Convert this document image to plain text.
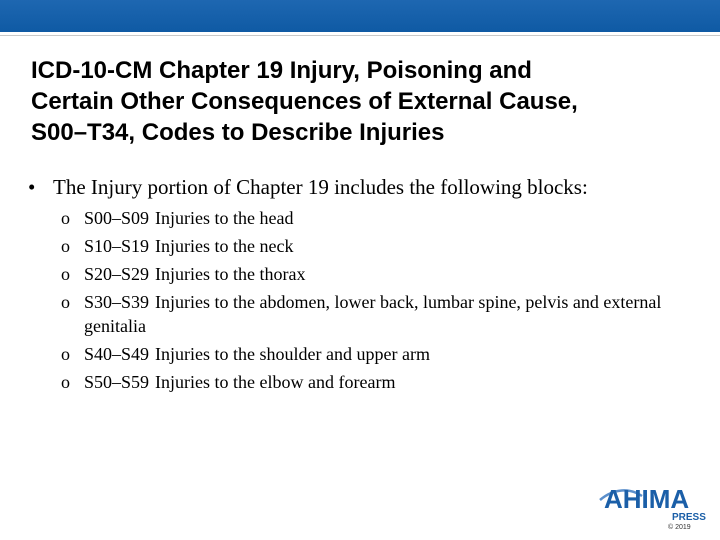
ICD-10-CM Chapter 19 Injury, Poisoning and
Certain Other Consequences of External Cause,
S00–T34, Codes to Describe Injuries
• The Injury portion of Chapter 19 includes the following blocks:
o S00–S09 Injuries to the head
o S10–S19 Injuries to the neck
o S20–S29 Injuries to the thorax
o S30–S39 Injuries to the abdomen, lower back, lumbar spine, pelvis and external genitalia
o S40–S49 Injuries to the shoulder and upper arm
o S50–S59 Injuries to the elbow and forearm
AHIMA
PRESS
© 2019
